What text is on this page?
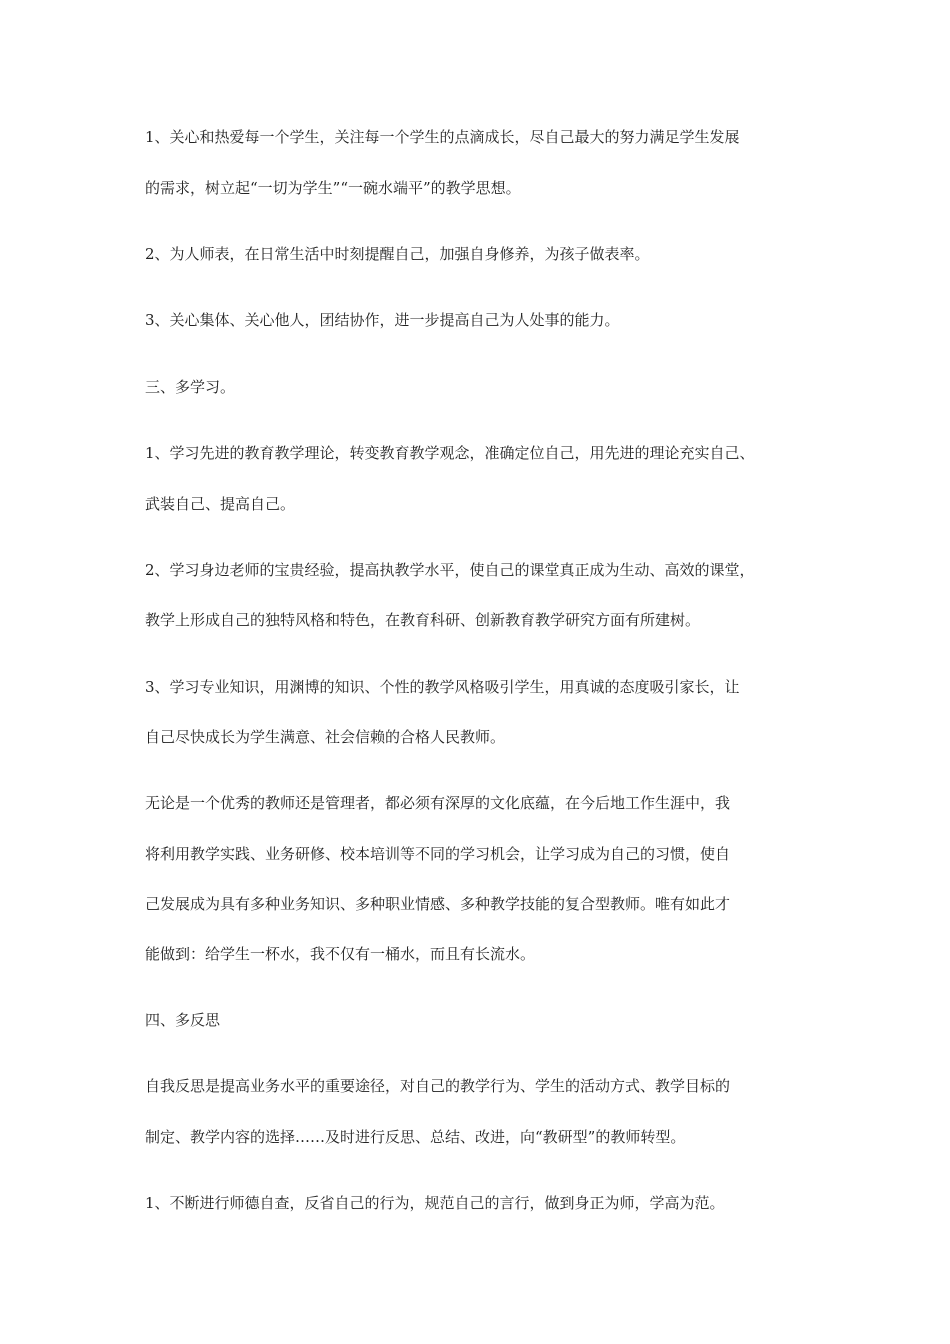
1、关心和热爱每一个学生，关注每一个学生的点滴成长，尽自己最大的努力满足学生发展

的需求，树立起“一切为学生”“一碗水端平”的教学思想。

2、为人师表，在日常生活中时刻提醒自己，加强自身修养，为孩子做表率。

3、关心集体、关心他人，团结协作，进一步提高自己为人处事的能力。

三、多学习。

1、学习先进的教育教学理论，转变教育教学观念，准确定位自己，用先进的理论充实自己、

武装自己、提高自己。

2、学习身边老师的宝贵经验，提高执教学水平，使自己的课堂真正成为生动、高效的课堂，

教学上形成自己的独特风格和特色，在教育科研、创新教育教学研究方面有所建树。

3、学习专业知识，用渊博的知识、个性的教学风格吸引学生，用真诚的态度吸引家长，让

自己尽快成长为学生满意、社会信赖的合格人民教师。

无论是一个优秀的教师还是管理者，都必须有深厚的文化底蕴，在今后地工作生涯中，我

将利用教学实践、业务研修、校本培训等不同的学习机会，让学习成为自己的习惯，使自

己发展成为具有多种业务知识、多种职业情感、多种教学技能的复合型教师。唯有如此才

能做到：给学生一杯水，我不仅有一桶水，而且有长流水。

四、多反思

自我反思是提高业务水平的重要途径，对自己的教学行为、学生的活动方式、教学目标的

制定、教学内容的选择……及时进行反思、总结、改进，向“教研型”的教师转型。

1、不断进行师德自查，反省自己的行为，规范自己的言行，做到身正为师，学高为范。
